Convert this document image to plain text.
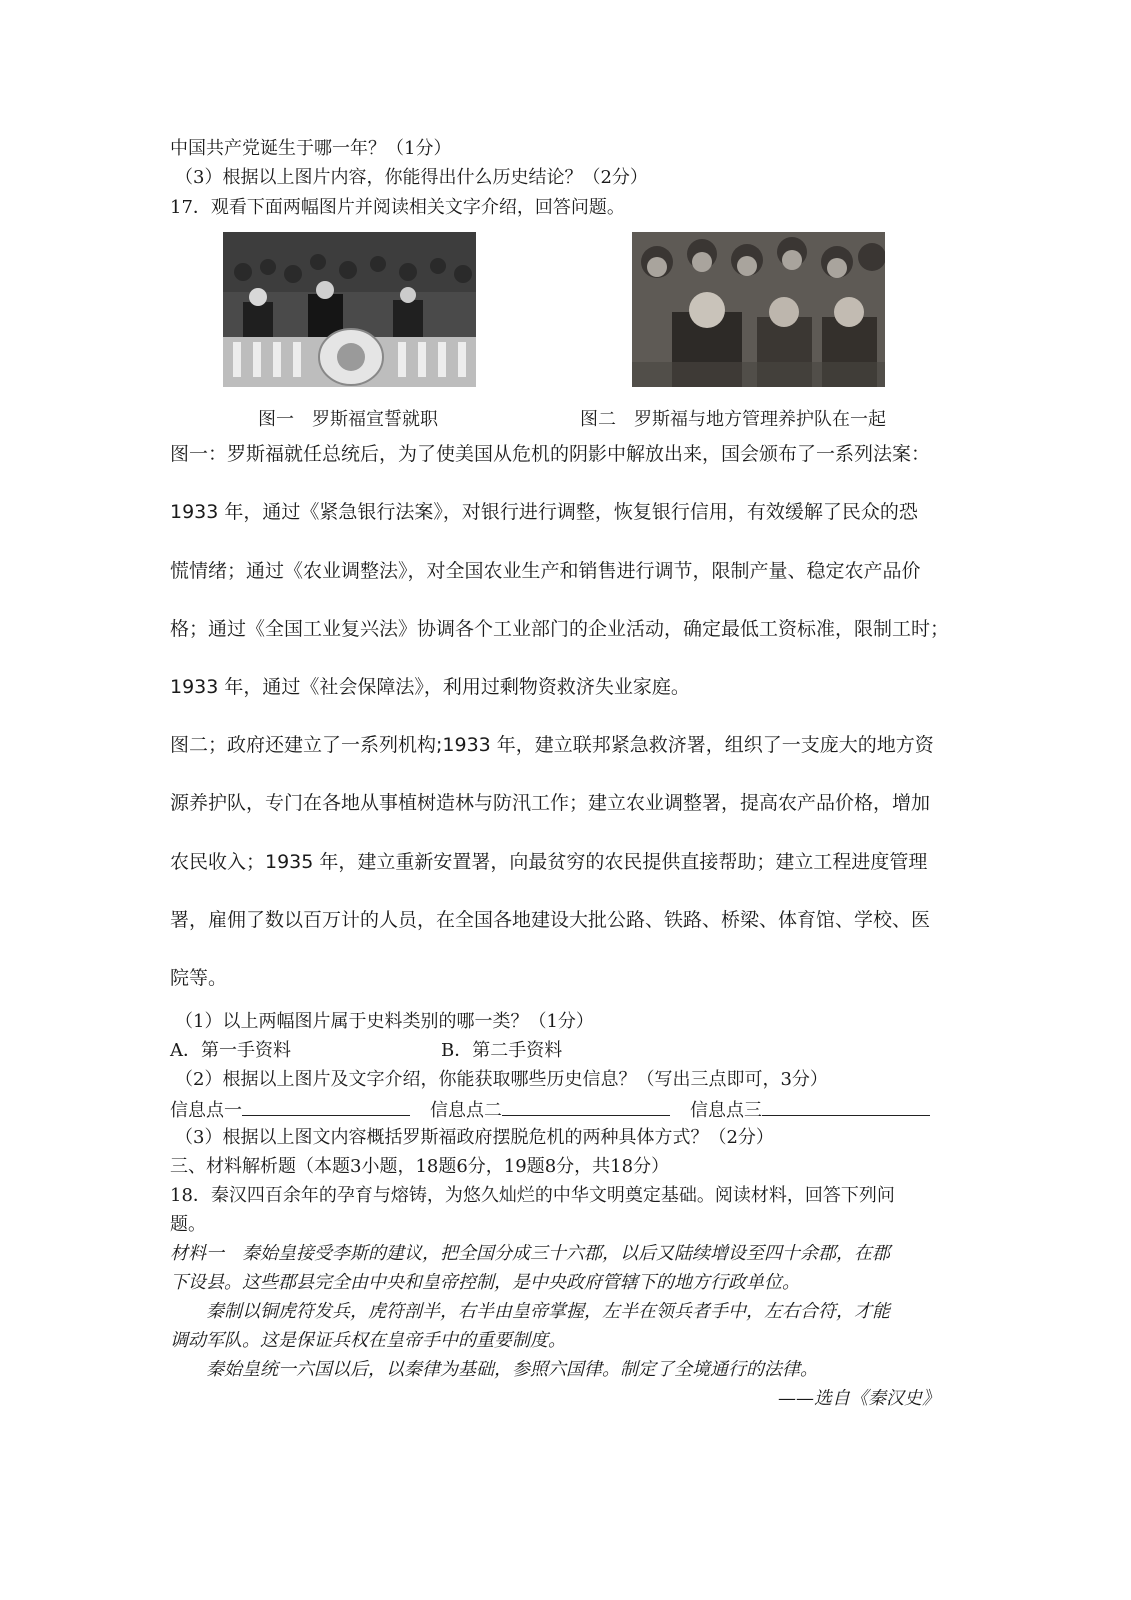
中国共产党诞生于哪一年？（1分）
（3）根据以上图片内容，你能得出什么历史结论？（2分）
17．观看下面两幅图片并阅读相关文字介绍，回答问题。
图一　罗斯福宣誓就职	图二　罗斯福与地方管理养护队在一起
图一：罗斯福就任总统后，为了使美国从危机的阴影中解放出来，国会颁布了一系列法案：
1933 年，通过《紧急银行法案》，对银行进行调整，恢复银行信用，有效缓解了民众的恐
慌情绪；通过《农业调整法》，对全国农业生产和销售进行调节，限制产量、稳定农产品价
格；通过《全国工业复兴法》协调各个工业部门的企业活动，确定最低工资标准，限制工时；
1933 年，通过《社会保障法》，利用过剩物资救济失业家庭。
图二；政府还建立了一系列机构;1933 年，建立联邦紧急救济署，组织了一支庞大的地方资
源养护队，专门在各地从事植树造林与防汛工作；建立农业调整署，提高农产品价格，增加
农民收入；1935 年，建立重新安置署，向最贫穷的农民提供直接帮助；建立工程进度管理
署，雇佣了数以百万计的人员，在全国各地建设大批公路、铁路、桥梁、体育馆、学校、医
院等。
（1）以上两幅图片属于史料类别的哪一类？（1分）
A．第一手资料	B．第二手资料
（2）根据以上图片及文字介绍，你能获取哪些历史信息？（写出三点即可，3分）
信息点一	信息点二	信息点三
（3）根据以上图文内容概括罗斯福政府摆脱危机的两种具体方式？（2分）
三、材料解析题（本题3小题，18题6分，19题8分，共18分）
18．秦汉四百余年的孕育与熔铸，为悠久灿烂的中华文明奠定基础。阅读材料，回答下列问
题。
材料一　秦始皇接受李斯的建议，把全国分成三十六郡，以后又陆续增设至四十余郡，在郡
下设县。这些郡县完全由中央和皇帝控制，是中央政府管辖下的地方行政单位。
　　秦制以铜虎符发兵，虎符剖半，右半由皇帝掌握，左半在领兵者手中，左右合符，才能
调动军队。这是保证兵权在皇帝手中的重要制度。
　　秦始皇统一六国以后，以秦律为基础，参照六国律。制定了全境通行的法律。
——选自《秦汉史》
